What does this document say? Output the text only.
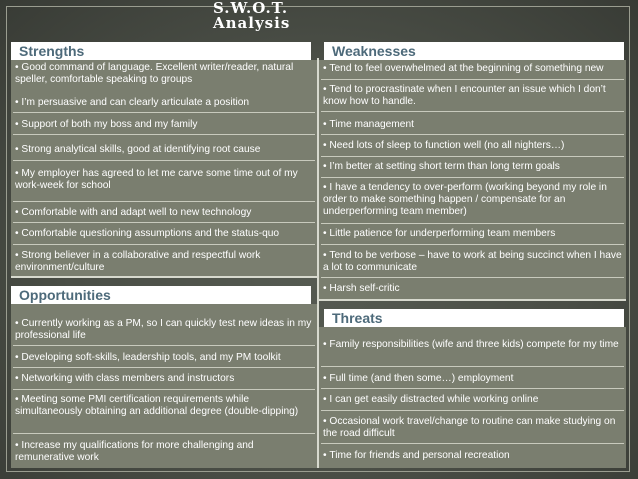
S.W.O.T.
Analysis
Strengths
• Good command of language. Excellent writer/reader, natural speller, comfortable speaking to groups
• I’m persuasive and can clearly articulate a position
• Support of both my boss and my family
• Strong analytical skills, good at identifying root cause
• My employer has agreed to let me carve some time out of my work-week for school
• Comfortable with and adapt well to new technology
• Comfortable questioning assumptions and the status-quo
• Strong believer in a collaborative and respectful work environment/culture
Weaknesses
• Tend to feel overwhelmed at the beginning of something new
• Tend to procrastinate when I encounter an issue which I don’t know how to handle.
• Time management
• Need lots of sleep to function well (no all nighters…)
• I’m better at setting short term than long term goals
• I have a tendency to over-perform (working beyond my role in order to make something happen / compensate for an underperforming team member)
• Little patience for underperforming team members
• Tend to be verbose – have to work at being succinct when I have a lot to communicate
• Harsh self-critic
Opportunities
• Currently working as a PM, so I can quickly test new ideas in my professional life
• Developing soft-skills, leadership tools, and my PM toolkit
• Networking with class members and instructors
• Meeting some PMI certification requirements while simultaneously obtaining an additional degree (double-dipping)
• Increase my qualifications for more challenging and remunerative work
Threats
• Family responsibilities (wife and three kids) compete for my time
• Full time (and then some…) employment
• I can get easily distracted while working online
• Occasional work travel/change to routine can make studying on the road difficult
• Time for friends and personal recreation
